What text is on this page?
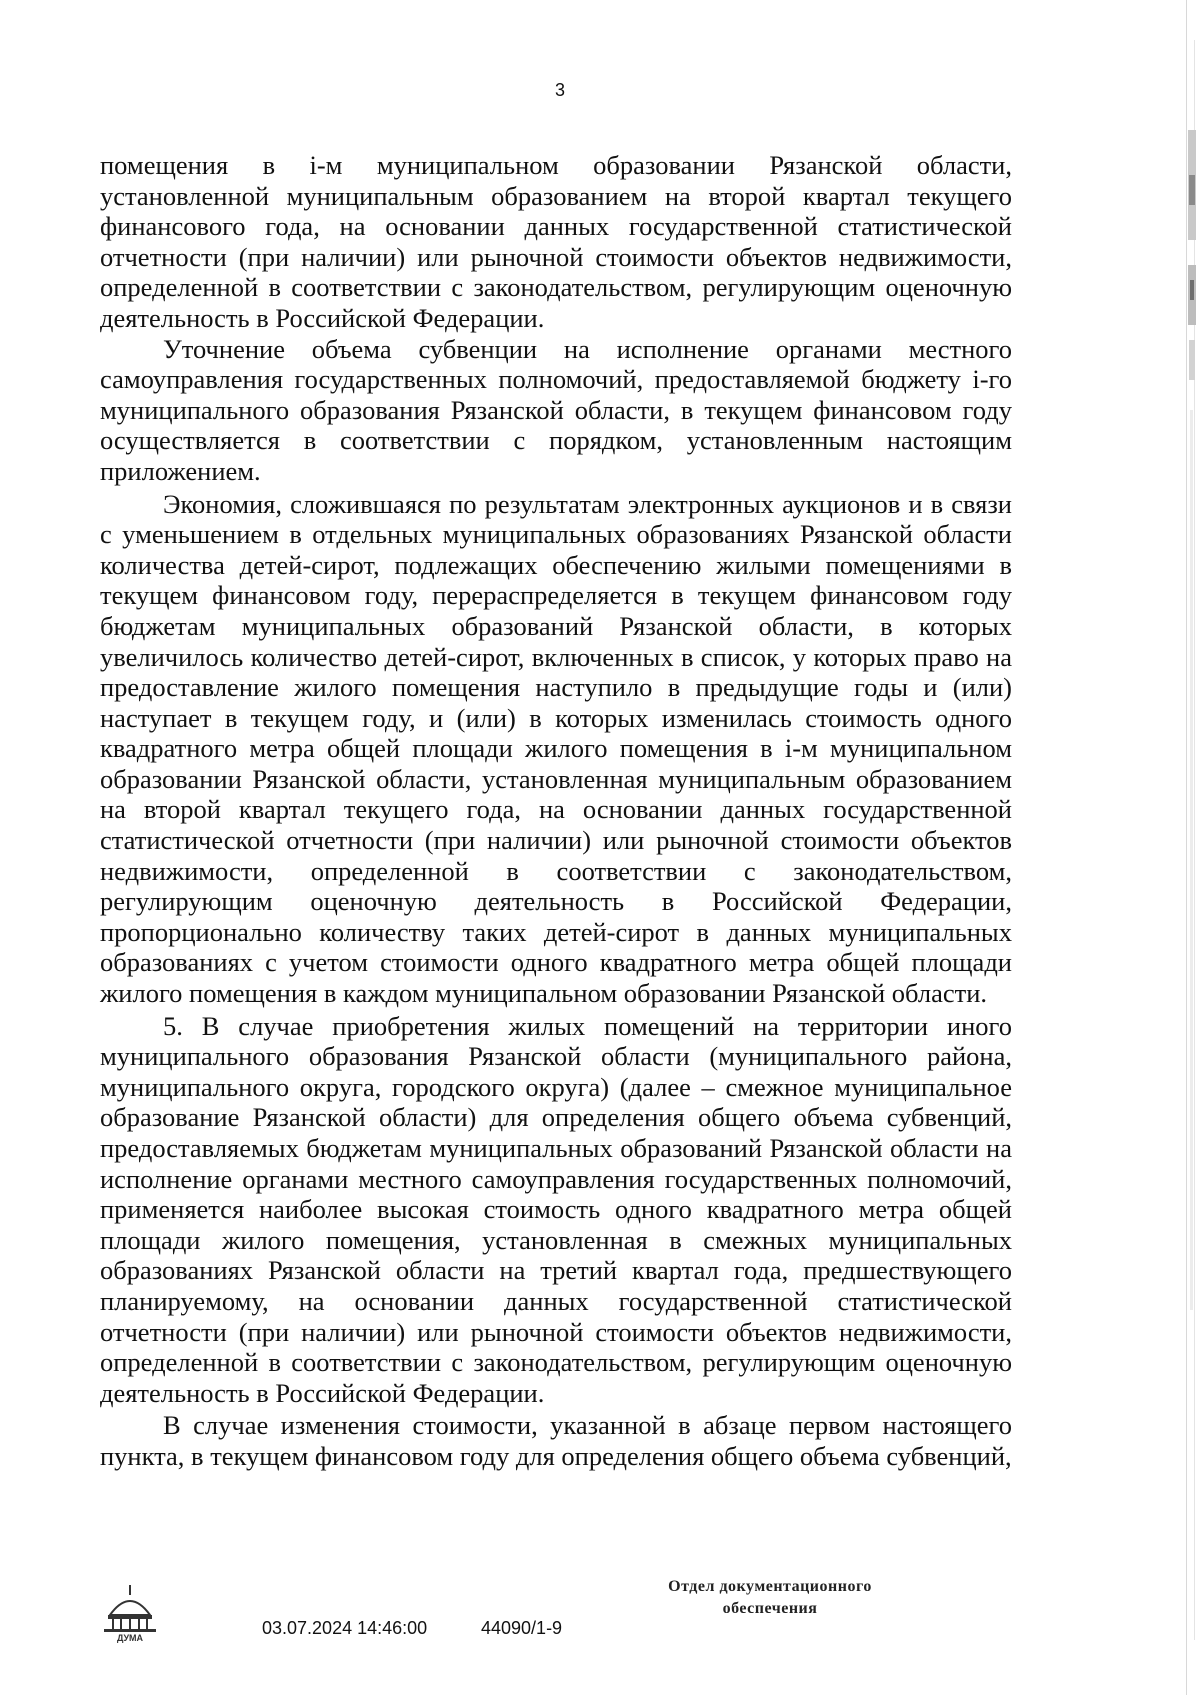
3

помещения в i-м муниципальном образовании Рязанской области, установленной муниципальным образованием на второй квартал текущего финансового года, на основании данных государственной статистической отчетности (при наличии) или рыночной стоимости объектов недвижимости, определенной в соответствии с законодательством, регулирующим оценочную деятельность в Российской Федерации.

Уточнение объема субвенции на исполнение органами местного самоуправления государственных полномочий, предоставляемой бюджету i-го муниципального образования Рязанской области, в текущем финансовом году осуществляется в соответствии с порядком, установленным настоящим приложением.

Экономия, сложившаяся по результатам электронных аукционов и в связи с уменьшением в отдельных муниципальных образованиях Рязанской области количества детей-сирот, подлежащих обеспечению жилыми помещениями в текущем финансовом году, перераспределяется в текущем финансовом году бюджетам муниципальных образований Рязанской области, в которых увеличилось количество детей-сирот, включенных в список, у которых право на предоставление жилого помещения наступило в предыдущие годы и (или) наступает в текущем году, и (или) в которых изменилась стоимость одного квадратного метра общей площади жилого помещения в i-м муниципальном образовании Рязанской области, установленная муниципальным образованием на второй квартал текущего года, на основании данных государственной статистической отчетности (при наличии) или рыночной стоимости объектов недвижимости, определенной в соответствии с законодательством, регулирующим оценочную деятельность в Российской Федерации, пропорционально количеству таких детей-сирот в данных муниципальных образованиях с учетом стоимости одного квадратного метра общей площади жилого помещения в каждом муниципальном образовании Рязанской области.

5. В случае приобретения жилых помещений на территории иного муниципального образования Рязанской области (муниципального района, муниципального округа, городского округа) (далее – смежное муниципальное образование Рязанской области) для определения общего объема субвенций, предоставляемых бюджетам муниципальных образований Рязанской области на исполнение органами местного самоуправления государственных полномочий, применяется наиболее высокая стоимость одного квадратного метра общей площади жилого помещения, установленная в смежных муниципальных образованиях Рязанской области на третий квартал года, предшествующего планируемому, на основании данных государственной статистической отчетности (при наличии) или рыночной стоимости объектов недвижимости, определенной в соответствии с законодательством, регулирующим оценочную деятельность в Российской Федерации.

В случае изменения стоимости, указанной в абзаце первом настоящего пункта, в текущем финансовом году для определения общего объема субвенций,

ДУМА	03.07.2024 14:46:00	44090/1-9
Отдел документационного
обеспечения
